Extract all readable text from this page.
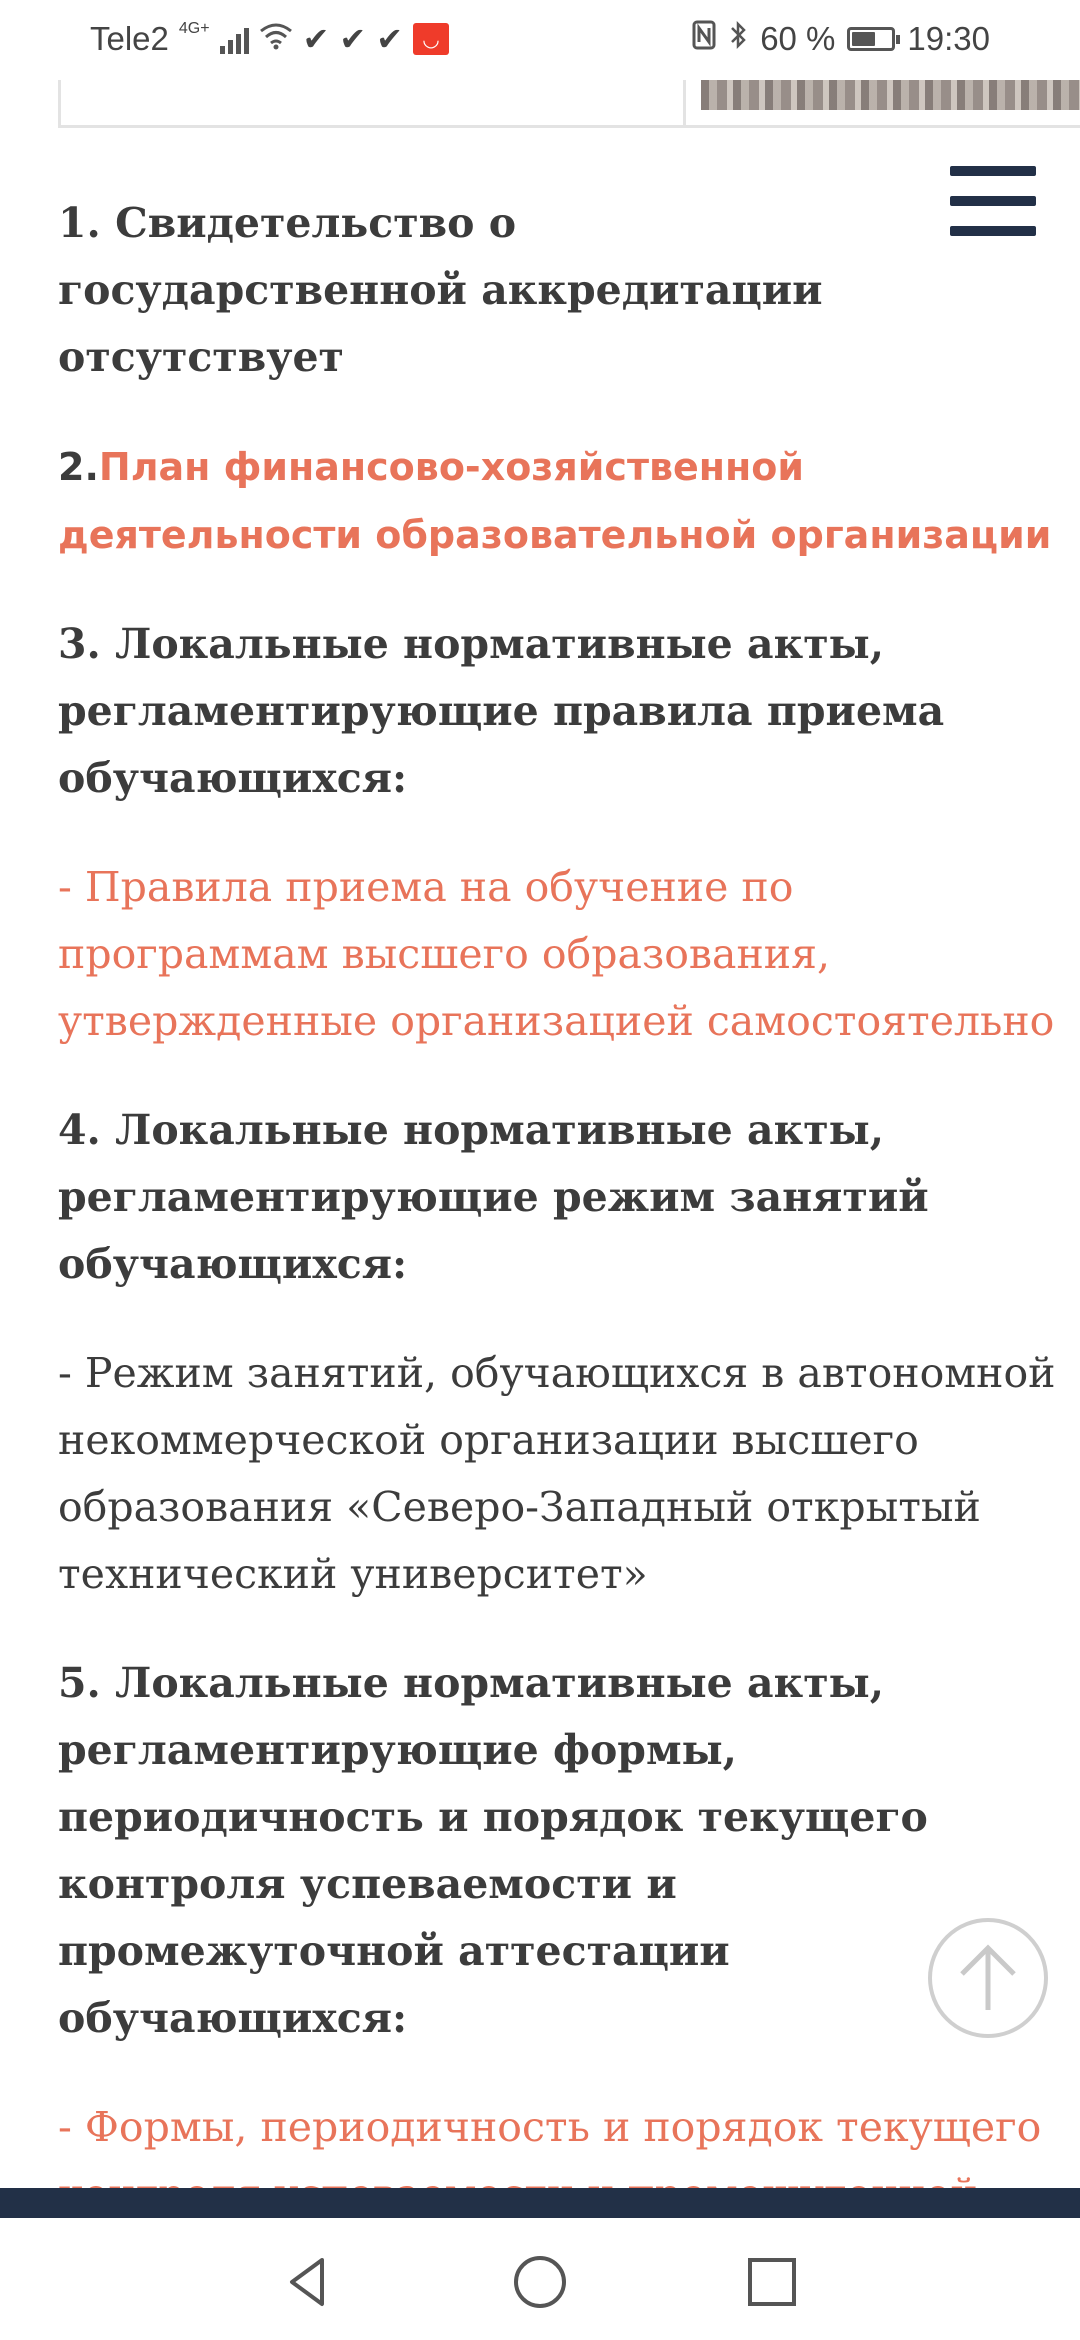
Tele2 4G+	✔ ✔ ✔ ◡	60 % 19:30

1. Свидетельство о государственной аккредитации отсутствует

2.План финансово-хозяйственной деятельности образовательной организации

3. Локальные нормативные акты, регламентирующие правила приема обучающихся:

- Правила приема на обучение по программам высшего образования, утвержденные организацией самостоятельно

4. Локальные нормативные акты, регламентирующие режим занятий обучающихся:

- Режим занятий, обучающихся в автономной некоммерческой организации высшего образования «Северо-Западный открытый технический университет»

5. Локальные нормативные акты, регламентирующие формы, периодичность и порядок текущего контроля успеваемости и промежуточной аттестации обучающихся:

- Формы, периодичность и порядок текущего
